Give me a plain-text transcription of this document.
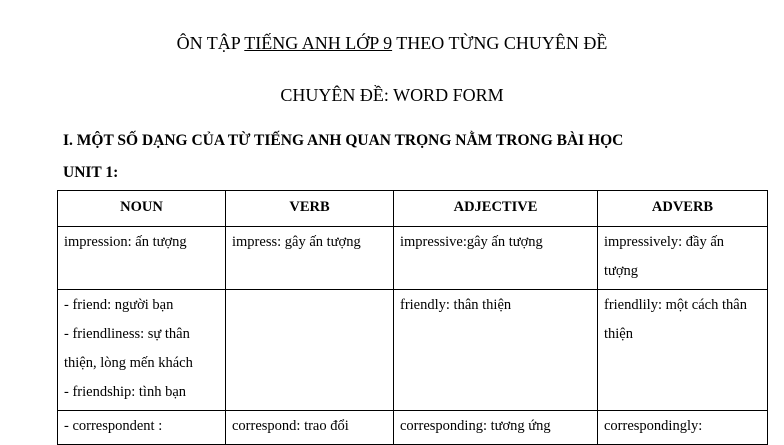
ÔN TẬP TIẾNG ANH LỚP 9 THEO TỪNG CHUYÊN ĐỀ
CHUYÊN ĐỀ: WORD FORM
I. MỘT SỐ DẠNG CỦA TỪ TIẾNG ANH QUAN TRỌNG NẰM TRONG BÀI HỌC
UNIT 1:
NOUN	VERB	ADJECTIVE	ADVERB

impression: ấn tượng	impress: gây ấn tượng	impressive:gây ấn tượng	impressively: đầy ấn tượng

- friend: người bạn
- friendliness: sự thân thiện, lòng mến khách
- friendship: tình bạn		friendly: thân thiện	friendlily: một cách thân thiện

- correspondent :	correspond: trao đổi	corresponding: tương ứng	correspondingly:
